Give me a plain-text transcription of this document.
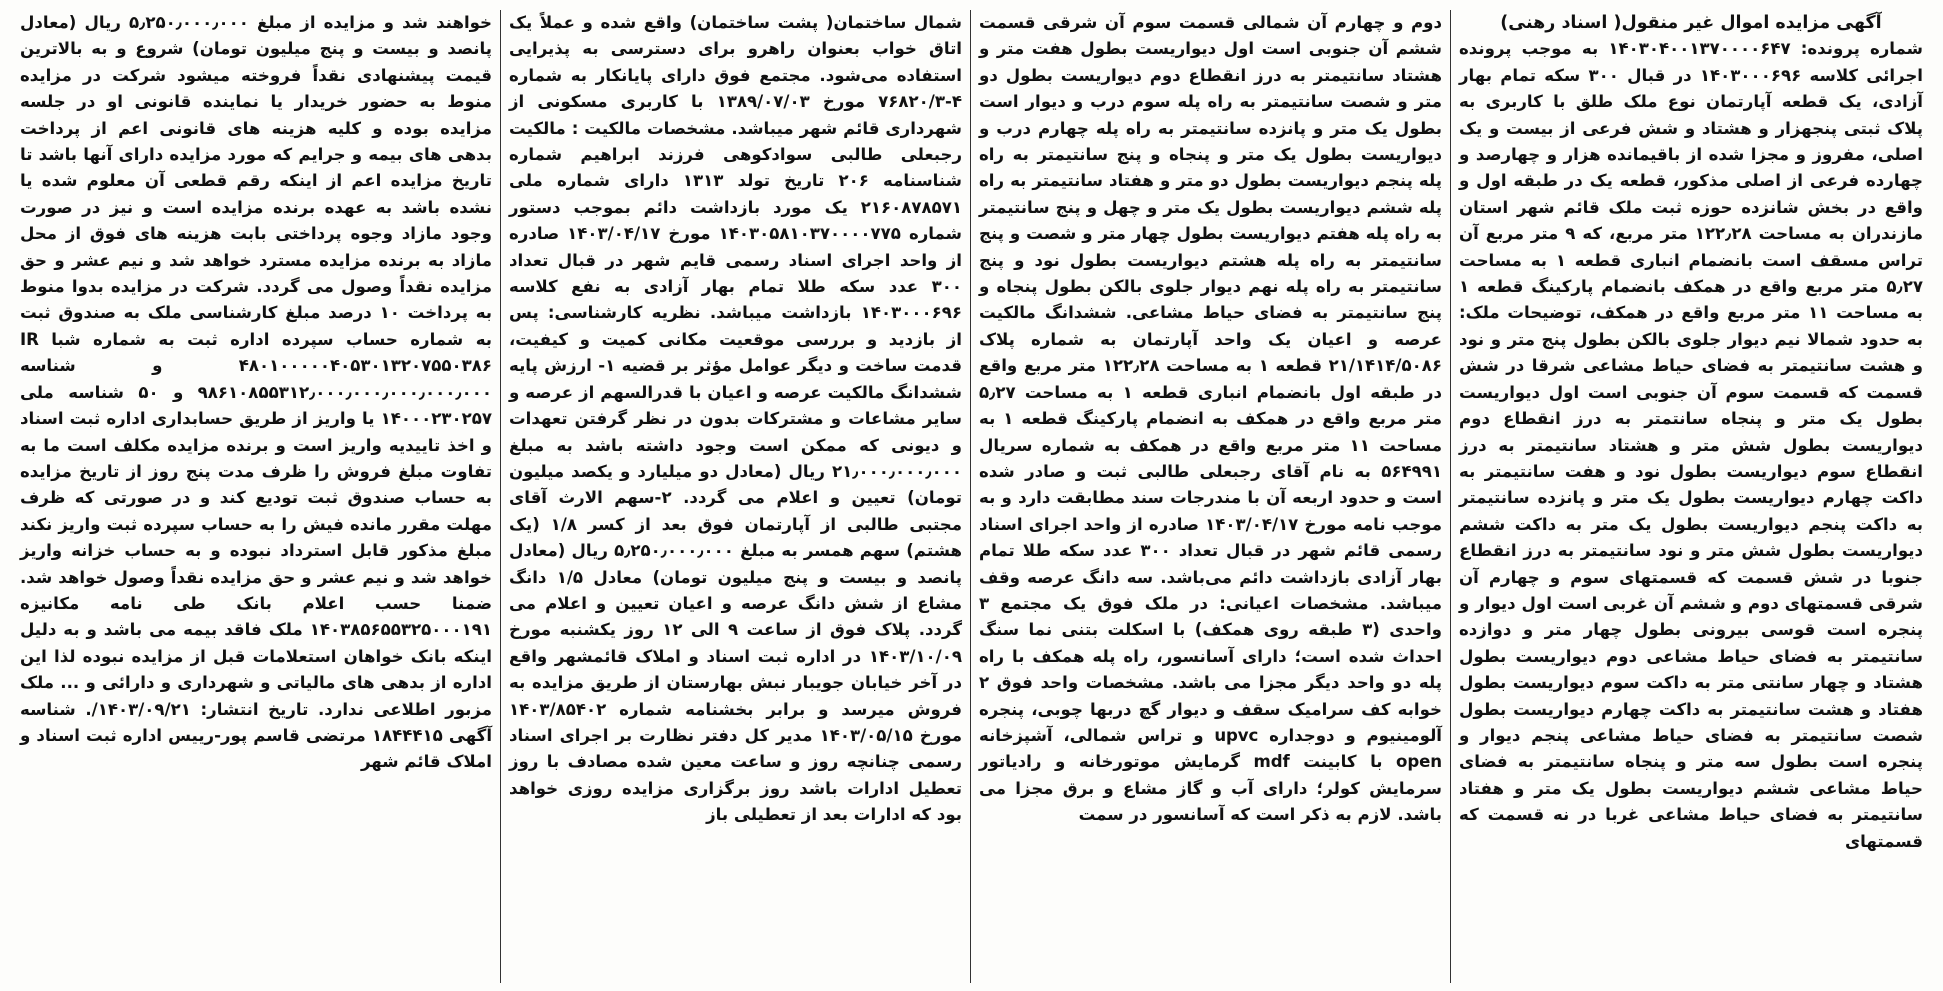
آگهی مزایده اموال غیر منقول( اسناد رهنی)
شماره پرونده: ۱۴۰۳۰۴۰۰۱۳۷۰۰۰۰۶۴۷ به موجب پرونده اجرائی کلاسه ۱۴۰۳۰۰۰۶۹۶ در قبال ۳۰۰ سکه تمام بهار آزادی، یک قطعه آپارتمان نوع ملک طلق با کاربری به پلاک ثبتی پنجهزار و هشتاد و شش فرعی از بیست و یک اصلی، مفروز و مجزا شده از باقیمانده هزار و چهارصد و چهارده فرعی از اصلی مذکور، قطعه یک در طبقه اول و واقع در بخش شانزده حوزه ثبت ملک قائم شهر استان مازندران به مساحت ۱۲۲٫۲۸ متر مربع، که ۹ متر مربع آن تراس مسقف است بانضمام انباری قطعه ۱ به مساحت ۵٫۲۷ متر مربع واقع در همکف بانضمام پارکینگ قطعه ۱ به مساحت ۱۱ متر مربع واقع در همکف، توضیحات ملک: به حدود شمالا نیم دیوار جلوی بالکن بطول پنج متر و نود و هشت سانتیمتر به فضای حیاط مشاعی شرقا در شش قسمت که قسمت سوم آن جنوبی است اول دیواریست بطول یک متر و پنجاه سانتمتر به درز انقطاع دوم دیواریست بطول شش متر و هشتاد سانتیمتر به درز انقطاع سوم دیواریست بطول نود و هفت سانتیمتر به داکت چهارم دیواریست بطول یک متر و پانزده سانتیمتر به داکت پنجم دیواریست بطول یک متر به داکت ششم دیواریست بطول شش متر و نود سانتیمتر به درز انقطاع جنوبا در شش قسمت که قسمتهای سوم و چهارم آن شرقی قسمتهای دوم و ششم آن غربی است اول دیوار و پنجره است قوسی بیرونی بطول چهار متر و دوازده سانتیمتر به فضای حیاط مشاعی دوم دیواریست بطول هشتاد و چهار سانتی متر به داکت سوم دیواریست بطول هفتاد و هشت سانتیمتر به داکت چهارم دیواریست بطول شصت سانتیمتر به فضای حیاط مشاعی پنجم دیوار و پنجره است بطول سه متر و پنجاه سانتیمتر به فضای حیاط مشاعی ششم دیواریست بطول یک متر و هفتاد سانتیمتر به فضای حیاط مشاعی غربا در نه قسمت که قسمتهای
دوم و چهارم آن شمالی قسمت سوم آن شرقی قسمت ششم آن جنوبی است اول دیواریست بطول هفت متر و هشتاد سانتیمتر به درز انقطاع دوم دیواریست بطول دو متر و شصت سانتیمتر به راه پله سوم درب و دیوار است بطول یک متر و پانزده سانتیمتر به راه پله چهارم درب و دیواریست بطول یک متر و پنجاه و پنج سانتیمتر به راه پله پنجم دیواریست بطول دو متر و هفتاد سانتیمتر به راه پله ششم دیواریست بطول یک متر و چهل و پنج سانتیمتر به راه پله هفتم دیواریست بطول چهار متر و شصت و پنج سانتیمتر به راه پله هشتم دیواریست بطول نود و پنج سانتیمتر به راه پله نهم دیوار جلوی بالکن بطول پنجاه و پنج سانتیمتر به فضای حیاط مشاعی. ششدانگ مالکیت عرصه و اعیان یک واحد آپارتمان به شماره پلاک ۲۱/۱۴۱۴/۵۰۸۶ قطعه ۱ به مساحت ۱۲۲٫۲۸ متر مربع واقع در طبقه اول بانضمام انباری قطعه ۱ به مساحت ۵٫۲۷ متر مربع واقع در همکف به انضمام پارکینگ قطعه ۱ به مساحت ۱۱ متر مربع واقع در همکف به شماره سریال ۵۶۴۹۹۱ به نام آقای رجبعلی طالبی ثبت و صادر شده است و حدود اربعه آن با مندرجات سند مطابقت دارد و به موجب نامه مورخ ۱۴۰۳/۰۴/۱۷ صادره از واحد اجرای اسناد رسمی قائم شهر در قبال تعداد ۳۰۰ عدد سکه طلا تمام بهار آزادی بازداشت دائم می‌باشد. سه دانگ عرصه وقف میباشد. مشخصات اعیانی: در ملک فوق یک مجتمع ۳ واحدی (۳ طبقه روی همکف) با اسکلت بتنی نما سنگ احداث شده است؛ دارای آسانسور، راه پله همکف با راه پله دو واحد دیگر مجزا می باشد. مشخصات واحد فوق ۲ خوابه کف سرامیک سقف و دیوار گچ دربها چوبی، پنجره آلومینیوم و دوجداره upvc و تراس شمالی، آشپزخانه open با کابینت mdf گرمایش موتورخانه و رادیاتور سرمایش کولر؛ دارای آب و گاز مشاع و برق مجزا می باشد. لازم به ذکر است که آسانسور در سمت
شمال ساختمان( پشت ساختمان) واقع شده و عملاً یک اتاق خواب بعنوان راهرو برای دسترسی به پذیرایی استفاده می‌شود. مجتمع فوق دارای پایانکار به شماره ۴-۷۶۸۲۰/۳ مورخ ۱۳۸۹/۰۷/۰۳ با کاربری مسکونی از شهرداری قائم شهر میباشد. مشخصات مالکیت : مالکیت رجبعلی طالبی سوادکوهی فرزند ابراهیم شماره شناسنامه ۲۰۶ تاریخ تولد ۱۳۱۳ دارای شماره ملی ۲۱۶۰۸۷۸۵۷۱ یک مورد بازداشت دائم بموجب دستور شماره ۱۴۰۳۰۵۸۱۰۳۷۰۰۰۰۷۷۵ مورخ ۱۴۰۳/۰۴/۱۷ صادره از واحد اجرای اسناد رسمی قایم شهر در قبال تعداد ۳۰۰ عدد سکه طلا تمام بهار آزادی به نفع کلاسه ۱۴۰۳۰۰۰۶۹۶ بازداشت میباشد. نظریه کارشناسی: پس از بازدید و بررسی موقعیت مکانی کمیت و کیفیت، قدمت ساخت و دیگر عوامل مؤثر بر قضیه ۱- ارزش پایه ششدانگ مالکیت عرصه و اعیان با قدرالسهم از عرصه و سایر مشاعات و مشترکات بدون در نظر گرفتن تعهدات و دیونی که ممکن است وجود داشته باشد به مبلغ ۲۱٫۰۰۰٫۰۰۰٫۰۰۰ ریال (معادل دو میلیارد و یکصد میلیون تومان) تعیین و اعلام می گردد. ۲-سهم الارث آقای مجتبی طالبی از آپارتمان فوق بعد از کسر ۱/۸ (یک هشتم) سهم همسر به مبلغ ۵٫۲۵۰٫۰۰۰٫۰۰۰ ریال (معادل پانصد و بیست و پنج میلیون تومان) معادل ۱/۵ دانگ مشاع از شش دانگ عرصه و اعیان تعیین و اعلام می گردد. پلاک فوق از ساعت ۹ الی ۱۲ روز یکشنبه مورخ ۱۴۰۳/۱۰/۰۹ در اداره ثبت اسناد و املاک قائمشهر واقع در آخر خیابان جویبار نبش بهارستان از طریق مزایده به فروش میرسد و برابر بخشنامه شماره ۱۴۰۳/۸۵۴۰۲ مورخ ۱۴۰۳/۰۵/۱۵ مدیر کل دفتر نظارت بر اجرای اسناد رسمی چنانچه روز و ساعت معین شده مصادف با روز تعطیل ادارات باشد روز برگزاری مزایده روزی خواهد بود که ادارات بعد از تعطیلی باز
خواهند شد و مزایده از مبلغ ۵٫۲۵۰٫۰۰۰٫۰۰۰ ریال (معادل پانصد و بیست و پنج میلیون تومان) شروع و به بالاترین قیمت پیشنهادی نقداً فروخته میشود شرکت در مزایده منوط به حضور خریدار یا نماینده قانونی او در جلسه مزایده بوده و کلیه هزینه های قانونی اعم از پرداخت بدهی های بیمه و جرایم که مورد مزایده دارای آنها باشد تا تاریخ مزایده اعم از اینکه رقم قطعی آن معلوم شده یا نشده باشد به عهده برنده مزایده است و نیز در صورت وجود مازاد وجوه پرداختی بابت هزینه های فوق از محل مازاد به برنده مزایده مسترد خواهد شد و نیم عشر و حق مزایده نقداً وصول می گردد. شرکت در مزایده بدوا منوط به پرداخت ۱۰ درصد مبلغ کارشناسی ملک به صندوق ثبت به شماره حساب سپرده اداره ثبت به شماره شبا IR ۴۸۰۱۰۰۰۰۰۴۰۵۳۰۱۳۲۰۷۵۵۰۳۸۶ و شناسه ۹۸۶۱۰۸۵۵۳۱۲٫۰۰۰٫۰۰۰٫۰۰۰٫۰۰۰٫۰۰۰ و ۵۰ شناسه ملی ۱۴۰۰۰۲۳۰۲۵۷ یا واریز از طریق حسابداری اداره ثبت اسناد و اخذ تاییدیه واریز است و برنده مزایده مکلف است ما به تفاوت مبلغ فروش را ظرف مدت پنج روز از تاریخ مزایده به حساب صندوق ثبت تودیع کند و در صورتی که ظرف مهلت مقرر مانده فیش را به حساب سپرده ثبت واریز نکند مبلغ مذکور قابل استرداد نبوده و به حساب خزانه واریز خواهد شد و نیم عشر و حق مزایده نقداً وصول خواهد شد. ضمنا حسب اعلام بانک طی نامه مکانیزه ۱۴۰۳۸۵۶۵۵۳۲۵۰۰۰۱۹۱ ملک فاقد بیمه می باشد و به دلیل اینکه بانک خواهان استعلامات قبل از مزایده نبوده لذا این اداره از بدهی های مالیاتی و شهرداری و دارائی و ... ملک مزبور اطلاعی ندارد. تاریخ انتشار: ۱۴۰۳/۰۹/۲۱/. شناسه آگهی ۱۸۴۴۴۱۵ مرتضی قاسم پور-رییس اداره ثبت اسناد و املاک قائم شهر
